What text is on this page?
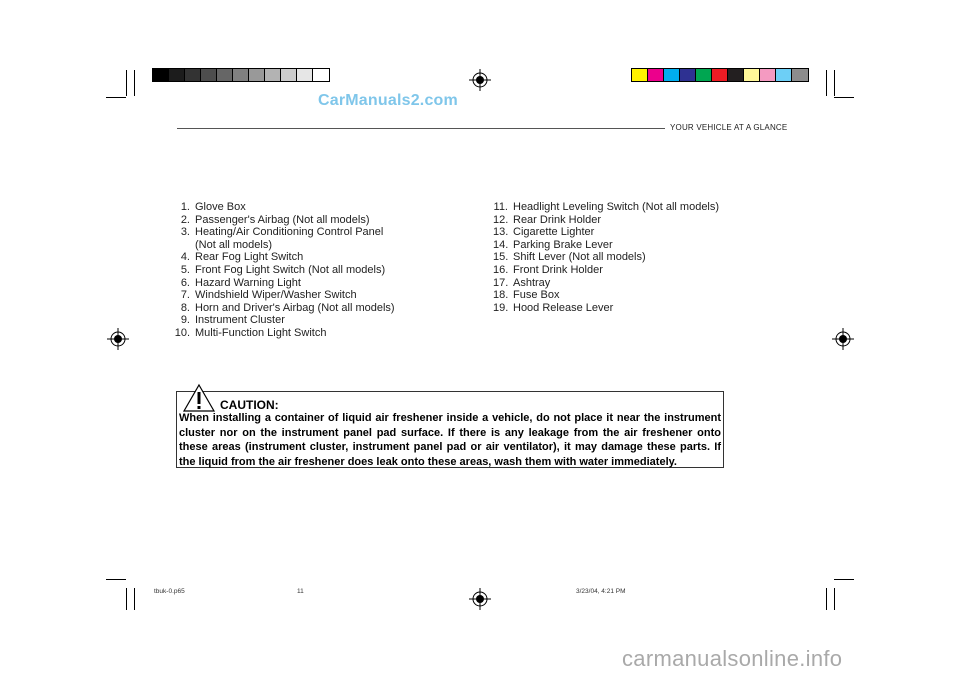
CarManuals2.com
YOUR VEHICLE AT A GLANCE
1. Glove Box
2. Passenger's Airbag (Not all models)
3. Heating/Air Conditioning Control Panel
(Not all models)
4. Rear Fog Light Switch
5. Front Fog Light Switch (Not all models)
6. Hazard Warning Light
7. Windshield Wiper/Washer Switch
8. Horn and Driver's Airbag (Not all models)
9. Instrument Cluster
10. Multi-Function Light Switch
11. Headlight Leveling Switch (Not all models)
12. Rear Drink Holder
13. Cigarette Lighter
14. Parking Brake Lever
15. Shift Lever (Not all models)
16. Front Drink Holder
17. Ashtray
18. Fuse Box
19. Hood Release Lever
CAUTION:
When installing a container of liquid air freshener inside a vehicle, do not place it near the instrument cluster nor on the instrument panel pad surface. If there is any leakage from the air freshener onto these areas (instrument cluster, instrument panel pad or air ventilator), it may damage these parts. If the liquid from the air freshener does leak onto these areas, wash them with water immediately.
tbuk-0.p65	11	3/23/04, 4:21 PM
carmanualsonline.info
